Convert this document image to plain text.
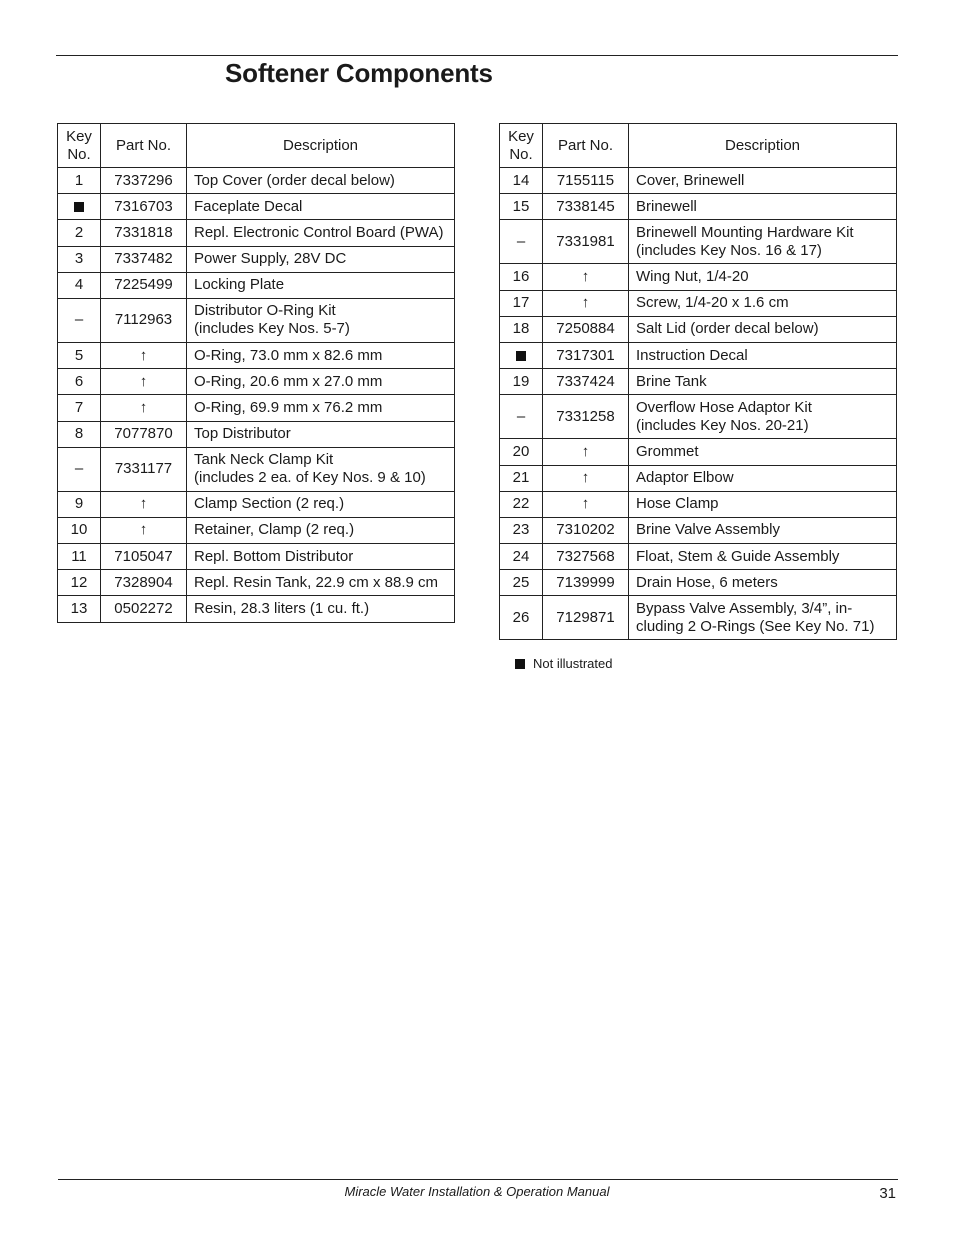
Softener Components
Key No.	Part No.	Description
1	7337296	Top Cover (order decal below)

	7316703	Faceplate Decal

2	7331818	Repl. Electronic Control Board (PWA)

3	7337482	Power Supply, 28V DC

4	7225499	Locking Plate

–	7112963	Distributor O-Ring Kit
(includes Key Nos. 5-7)

5	↑	O-Ring, 73.0 mm x 82.6 mm

6	↑	O-Ring, 20.6 mm x 27.0 mm

7	↑	O-Ring, 69.9 mm x 76.2 mm

8	7077870	Top Distributor

–	7331177	Tank Neck Clamp Kit
(includes 2 ea. of Key Nos. 9 & 10)

9	↑	Clamp Section (2 req.)

10	↑	Retainer, Clamp (2 req.)

11	7105047	Repl. Bottom Distributor

12	7328904	Repl. Resin Tank, 22.9 cm x 88.9 cm

13	0502272	Resin, 28.3 liters (1 cu. ft.)
Key No.	Part No.	Description
14	7155115	Cover, Brinewell

15	7338145	Brinewell

–	7331981	Brinewell Mounting Hardware Kit
(includes Key Nos. 16 & 17)

16	↑	Wing Nut, 1/4-20

17	↑	Screw, 1/4-20 x 1.6 cm

18	7250884	Salt Lid (order decal below)

	7317301	Instruction Decal

19	7337424	Brine Tank

–	7331258	Overflow Hose Adaptor Kit
(includes Key Nos. 20-21)

20	↑	Grommet

21	↑	Adaptor Elbow

22	↑	Hose Clamp

23	7310202	Brine Valve Assembly

24	7327568	Float, Stem & Guide Assembly

25	7139999	Drain Hose, 6 meters

26	7129871	Bypass Valve Assembly, 3/4”, in-
cluding 2 O-Rings (See Key No. 71)
Not illustrated
Miracle Water Installation & Operation Manual	31
